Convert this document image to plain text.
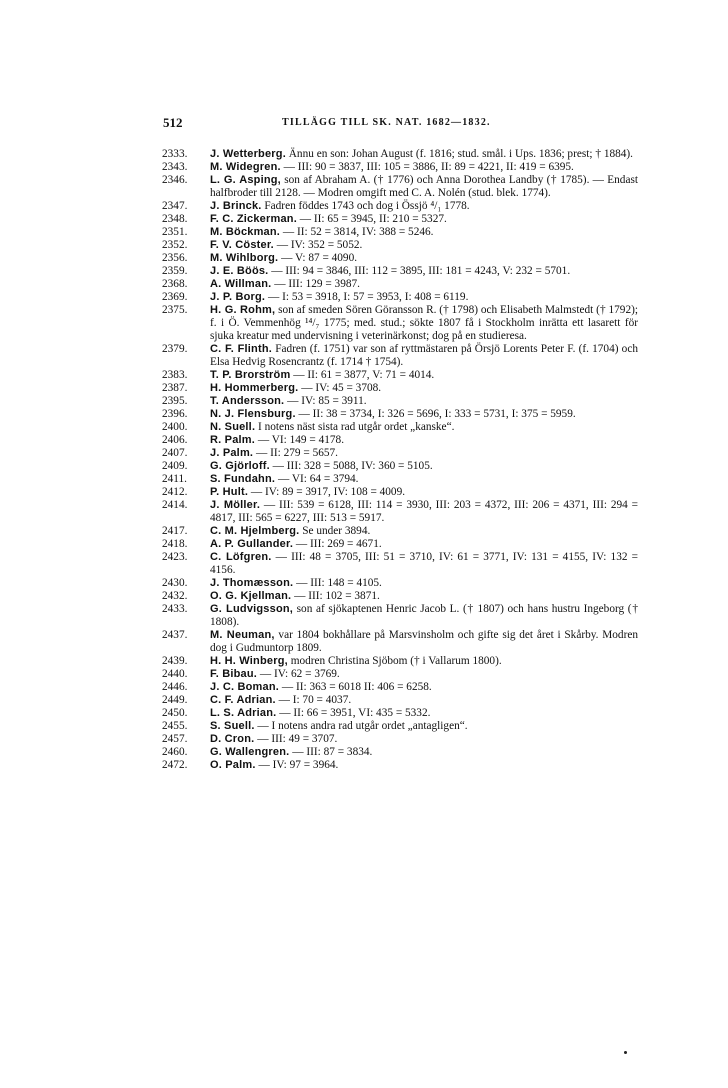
512	TILLÄGG TILL SK. NAT. 1682—1832.
2333.	J. Wetterberg. Ännu en son: Johan August (f. 1816; stud. smål. i Ups. 1836; prest; † 1884).
2343.	M. Widegren. — III: 90 = 3837, III: 105 = 3886, II: 89 = 4221, II: 419 = 6395.
2346.	L. G. Asping, son af Abraham A. († 1776) och Anna Dorothea Landby († 1785). — Endast halfbroder till 2128. — Modren omgift med C. A. Nolén (stud. blek. 1774).
2347.	J. Brinck. Fadren föddes 1743 och dog i Össjö ⁴/₁ 1778.
2348.	F. C. Zickerman. — II: 65 = 3945, II: 210 = 5327.
2351.	M. Böckman. — II: 52 = 3814, IV: 388 = 5246.
2352.	F. V. Cöster. — IV: 352 = 5052.
2356.	M. Wihlborg. — V: 87 = 4090.
2359.	J. E. Böös. — III: 94 = 3846, III: 112 = 3895, III: 181 = 4243, V: 232 = 5701.
2368.	A. Willman. — III: 129 = 3987.
2369.	J. P. Borg. — I: 53 = 3918, I: 57 = 3953, I: 408 = 6119.
2375.	H. G. Rohm, son af smeden Sören Göransson R. († 1798) och Elisabeth Malmstedt († 1792); f. i Ö. Vemmenhög ¹⁴/₇ 1775; med. stud.; sökte 1807 få i Stockholm inrätta ett lasarett för sjuka kreatur med undervisning i veterinärkonst; dog på en studieresa.
2379.	C. F. Flinth. Fadren (f. 1751) var son af ryttmästaren på Örsjö Lorents Peter F. (f. 1704) och Elsa Hedvig Rosencrantz (f. 1714 † 1754).
2383.	T. P. Brorström — II: 61 = 3877, V: 71 = 4014.
2387.	H. Hommerberg. — IV: 45 = 3708.
2395.	T. Andersson. — IV: 85 = 3911.
2396.	N. J. Flensburg. — II: 38 = 3734, I: 326 = 5696, I: 333 = 5731, I: 375 = 5959.
2400.	N. Suell. I notens näst sista rad utgår ordet „kanske“.
2406.	R. Palm. — VI: 149 = 4178.
2407.	J. Palm. — II: 279 = 5657.
2409.	G. Gjörloff. — III: 328 = 5088, IV: 360 = 5105.
2411.	S. Fundahn. — VI: 64 = 3794.
2412.	P. Hult. — IV: 89 = 3917, IV: 108 = 4009.
2414.	J. Möller. — III: 539 = 6128, III: 114 = 3930, III: 203 = 4372, III: 206 = 4371, III: 294 = 4817, III: 565 = 6227, III: 513 = 5917.
2417.	C. M. Hjelmberg. Se under 3894.
2418.	A. P. Gullander. — III: 269 = 4671.
2423.	C. Löfgren. — III: 48 = 3705, III: 51 = 3710, IV: 61 = 3771, IV: 131 = 4155, IV: 132 = 4156.
2430.	J. Thomæsson. — III: 148 = 4105.
2432.	O. G. Kjellman. — III: 102 = 3871.
2433.	G. Ludvigsson, son af sjökaptenen Henric Jacob L. († 1807) och hans hustru Ingeborg († 1808).
2437.	M. Neuman, var 1804 bokhållare på Marsvinsholm och gifte sig det året i Skårby. Modren dog i Gudmuntorp 1809.
2439.	H. H. Winberg, modren Christina Sjöbom († i Vallarum 1800).
2440.	F. Bibau. — IV: 62 = 3769.
2446.	J. C. Boman. — II: 363 = 6018 II: 406 = 6258.
2449.	C. F. Adrian. — I: 70 = 4037.
2450.	L. S. Adrian. — II: 66 = 3951, VI: 435 = 5332.
2455.	S. Suell. — I notens andra rad utgår ordet „antagligen“.
2457.	D. Cron. — III: 49 = 3707.
2460.	G. Wallengren. — III: 87 = 3834.
2472.	O. Palm. — IV: 97 = 3964.
